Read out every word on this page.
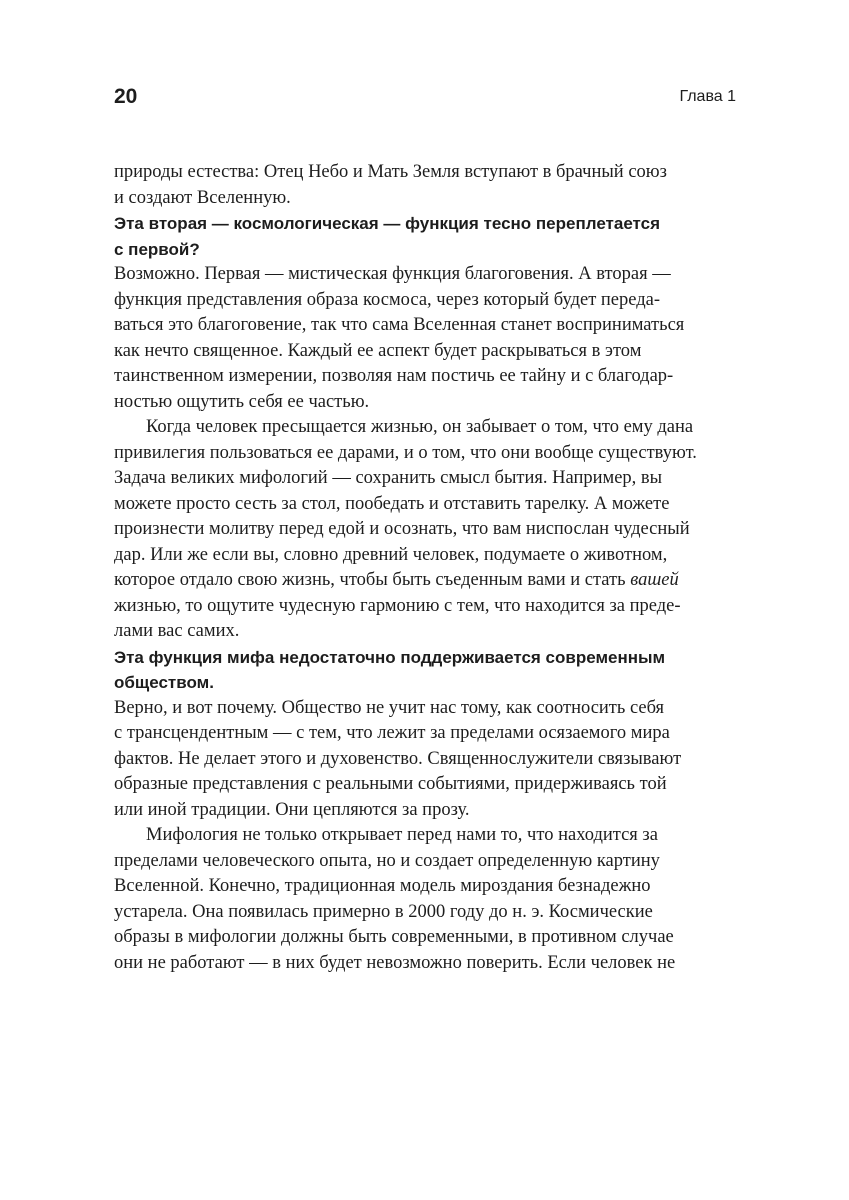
20	Глава 1

природы естества: Отец Небо и Мать Земля вступают в брачный союз
и создают Вселенную.

Эта вторая — космологическая — функция тесно переплетается
с первой?

Возможно. Первая — мистическая функция благоговения. А вторая —
функция представления образа космоса, через который будет переда-
ваться это благоговение, так что сама Вселенная станет восприниматься
как нечто священное. Каждый ее аспект будет раскрываться в этом
таинственном измерении, позволяя нам постичь ее тайну и с благодар-
ностью ощутить себя ее частью.

Когда человек пресыщается жизнью, он забывает о том, что ему дана
привилегия пользоваться ее дарами, и о том, что они вообще существуют.
Задача великих мифологий — сохранить смысл бытия. Например, вы
можете просто сесть за стол, пообедать и отставить тарелку. А можете
произнести молитву перед едой и осознать, что вам ниспослан чудесный
дар. Или же если вы, словно древний человек, подумаете о животном,
которое отдало свою жизнь, чтобы быть съеденным вами и стать вашей
жизнью, то ощутите чудесную гармонию с тем, что находится за преде-
лами вас самих.

Эта функция мифа недостаточно поддерживается современным
обществом.

Верно, и вот почему. Общество не учит нас тому, как соотносить себя
с трансцендентным — с тем, что лежит за пределами осязаемого мира
фактов. Не делает этого и духовенство. Священнослужители связывают
образные представления с реальными событиями, придерживаясь той
или иной традиции. Они цепляются за прозу.

Мифология не только открывает перед нами то, что находится за
пределами человеческого опыта, но и создает определенную картину
Вселенной. Конечно, традиционная модель мироздания безнадежно
устарела. Она появилась примерно в 2000 году до н. э. Космические
образы в мифологии должны быть современными, в противном случае
они не работают — в них будет невозможно поверить. Если человек не
